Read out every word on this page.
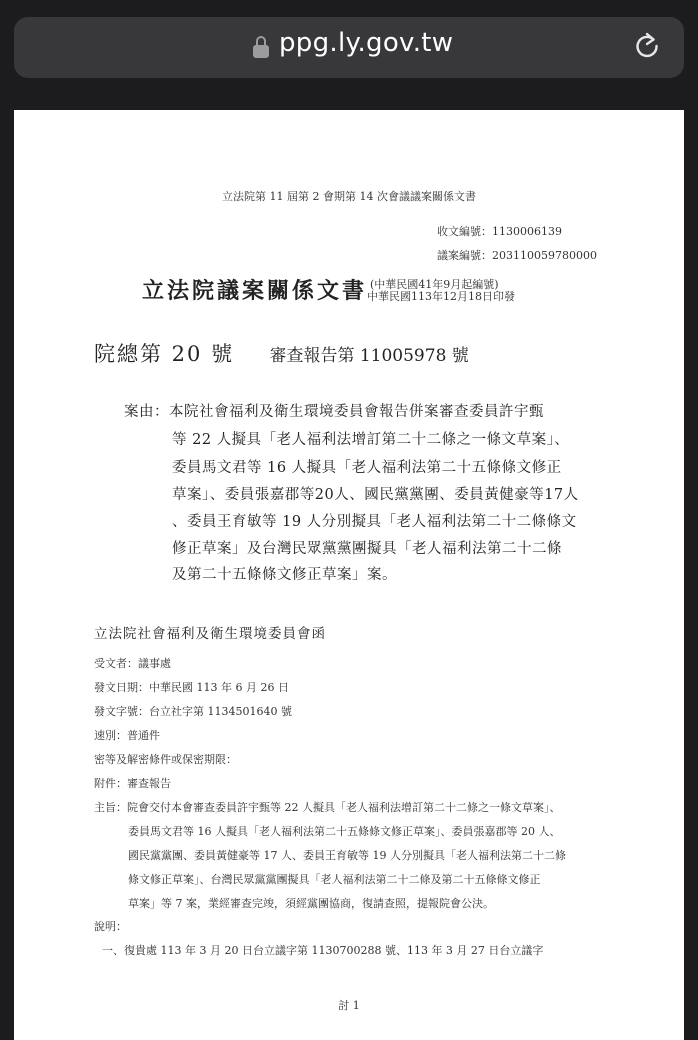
ppg.ly.gov.tw
立法院第 11 屆第 2 會期第 14 次會議議案關係文書
收文編號：1130006139
議案編號：203110059780000
立法院議案關係文書 (中華民國41年9月起編號)
中華民國113年12月18日印發
院總第 20 號 審查報告第 11005978 號
案由：本院社會福利及衛生環境委員會報告併案審查委員許宇甄
等 22 人擬具「老人福利法增訂第二十二條之一條文草案」、
委員馬文君等 16 人擬具「老人福利法第二十五條條文修正
草案」、委員張嘉郡等20人、國民黨黨團、委員黃健豪等17人
、委員王育敏等 19 人分別擬具「老人福利法第二十二條條文
修正草案」及台灣民眾黨黨團擬具「老人福利法第二十二條
及第二十五條條文修正草案」案。
立法院社會福利及衛生環境委員會函
受文者：議事處
發文日期：中華民國 113 年 6 月 26 日
發文字號：台立社字第 1134501640 號
速別：普通件
密等及解密條件或保密期限：
附件：審查報告
主旨：院會交付本會審查委員許宇甄等 22 人擬具「老人福利法增訂第二十二條之一條文草案」、
委員馬文君等 16 人擬具「老人福利法第二十五條條文修正草案」、委員張嘉郡等 20 人、
國民黨黨團、委員黃健豪等 17 人、委員王育敏等 19 人分別擬具「老人福利法第二十二條
條文修正草案」、台灣民眾黨黨團擬具「老人福利法第二十二條及第二十五條條文修正
草案」等 7 案，業經審查完竣，須經黨團協商，復請查照，提報院會公決。
說明：
一、復貴處 113 年 3 月 20 日台立議字第 1130700288 號、113 年 3 月 27 日台立議字
討 1
